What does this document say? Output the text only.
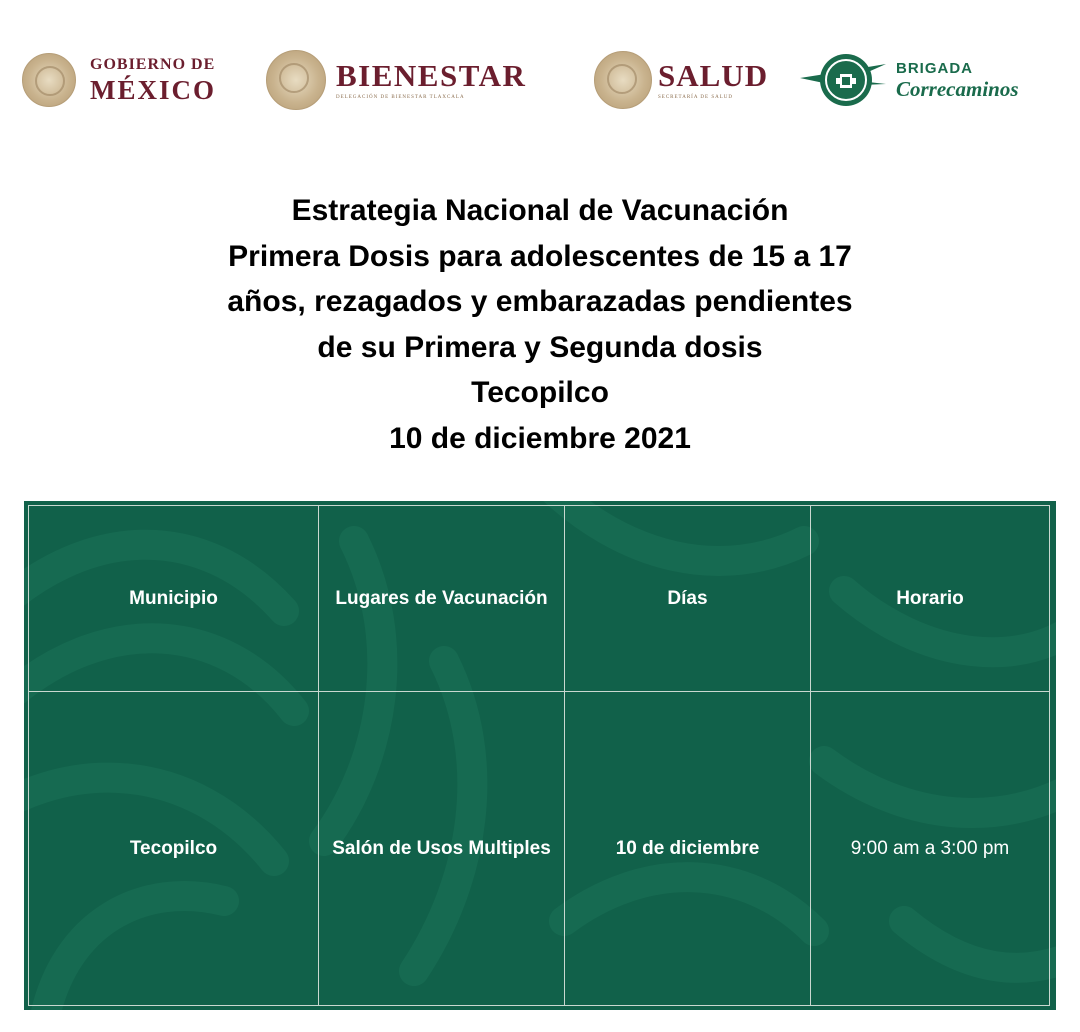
GOBIERNO DE
MÉXICO	BIENESTAR
DELEGACIÓN DE BIENESTAR TLAXCALA
SALUD
SECRETARÍA DE SALUD
BRIGADA
Correcaminos
Estrategia Nacional de Vacunación
Primera Dosis para adolescentes de 15 a 17
años, rezagados y embarazadas pendientes
de su Primera y Segunda dosis
Tecopilco
10 de diciembre 2021
Municipio	Lugares de Vacunación	Días	Horario
Tecopilco	Salón de Usos Multiples	10 de diciembre	9:00 am a 3:00 pm
